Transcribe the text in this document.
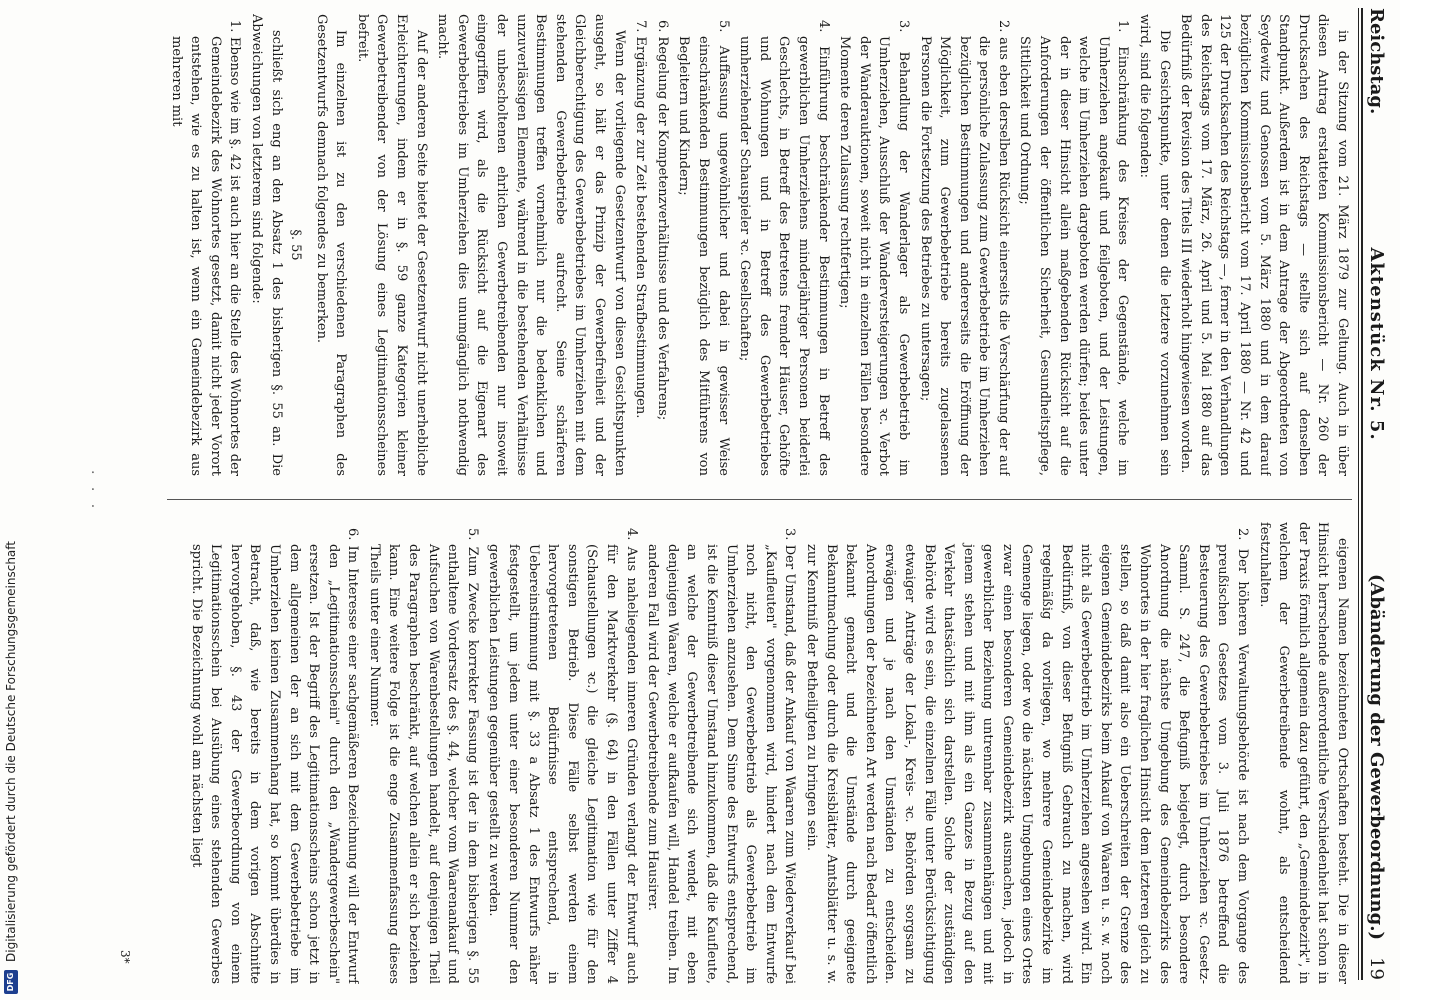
Reichstag.
Aktenstück Nr. 5.
(Abänderung der Gewerbeordnung.)
19

in der Sitzung vom 21. März 1879 zur Geltung. Auch in über diesen Antrag erstatteten Kommissionsbericht — Nr. 260 der Drucksachen des Reichstags — stellte sich auf denselben Standpunkt. Außerdem ist in dem Antrage der Abgeordneten von Seydewitz und Genossen vom 5. März 1880 und in dem darauf bezüglichen Kommissionsbericht vom 17. April 1880 — Nr. 42 und 125 der Drucksachen des Reichstags —, ferner in den Verhandlungen des Reichstags vom 17. März, 26. April und 5. Mai 1880 auf das Bedürfniß der Revision des Titels III wiederholt hingewiesen worden.

Die Gesichtspunkte, unter denen die letztere vorzunehmen sein wird, sind die folgenden:

1. Einschränkung des Kreises der Gegenstände, welche im Umherziehen angekauft und feilgeboten, und der Leistungen, welche im Umherziehen dargeboten werden dürfen; beides unter der in dieser Hinsicht allein maßgebenden Rücksicht auf die Anforderungen der öffentlichen Sicherheit, Gesundheitspflege, Sittlichkeit und Ordnung;
2. aus eben derselben Rücksicht einerseits die Verschärfung der auf die persönliche Zulassung zum Gewerbebetriebe im Umherziehen bezüglichen Bestimmungen und andererseits die Eröffnung der Möglichkeit, zum Gewerbebetriebe bereits zugelassenen Personen die Fortsetzung des Betriebes zu untersagen;
3. Behandlung der Wanderlager als Gewerbebetrieb im Umherziehen, Ausschluß der Wanderversteigerungen ꝛc. Verbot der Wanderauktionen, soweit nicht in einzelnen Fällen besondere Momente deren Zulassung rechtfertigen;
4. Einführung beschränkender Bestimmungen in Betreff des gewerblichen Umherziehens minderjähriger Personen beiderlei Geschlechts, in Betreff des Betretens fremder Häuser, Gehöfte und Wohnungen und in Betreff des Gewerbebetriebes umherziehender Schauspieler ꝛc. Gesellschaften;
5. Auffassung ungewöhnlicher und dabei in gewisser Weise einschränkenden Bestimmungen bezüglich des Mitführens von Begleitern und Kindern;
6. Regelung der Kompetenzverhältnisse und des Verfahrens;
7. Ergänzung der zur Zeit bestehenden Strafbestimmungen.

Wenn der vorliegende Gesetzentwurf von diesen Gesichtspunkten ausgeht, so hält er das Prinzip der Gewerbefreiheit und der Gleichberechtigung des Gewerbebetriebes im Umherziehen mit dem stehenden Gewerbebetriebe aufrecht. Seine schärferen Bestimmungen treffen vornehmlich nur die bedenklichen und unzuverlässigen Elemente, während in die bestehenden Verhältnisse der unbescholtenen ehrlichen Gewerbetreibenden nur insoweit eingegriffen wird, als die Rücksicht auf die Eigenart des Gewerbebetriebes im Umherziehen dies unumgänglich nothwendig macht.

Auf der anderen Seite bietet der Gesetzentwurf nicht unerhebliche Erleichterungen, indem er in §. 59 ganze Kategorien kleiner Gewerbetreibender von der Lösung eines Legitimationsscheines befreit.

Im einzelnen ist zu den verschiedenen Paragraphen des Gesetzentwurfs demnach folgendes zu bemerken.

§. 55

schließt sich eng an den Absatz 1 des bisherigen §. 55 an. Die Abweichungen von letzterem sind folgende:

1. Ebenso wie im §. 42 ist auch hier an die Stelle des Wohnortes der Gemeindebezirk des Wohnortes gesetzt, damit nicht jeder Vorort entstehen, wie es zu halten ist, wenn ein Gemeindebezirk aus mehreren mit

eigenen Namen bezeichneten Ortschaften besteht. Die in dieser Hinsicht herrschende außerordentliche Verschiedenheit hat schon in der Praxis förmlich allgemein dazu geführt, den „Gemeindebezirk", in welchem der Gewerbetreibende wohnt, als entscheidend festzuhalten.

2. Der höheren Verwaltungsbehörde ist nach dem Vorgange des preußischen Gesetzes vom 3. Juli 1876 betreffend die Besteuerung des Gewerbebetriebes im Umherziehen ꝛc. Gesetz-Samml. S. 247, die Befugniß beigelegt, durch besondere Anordnung die nächste Umgebung des Gemeindebezirks des Wohnortes in der hier fraglichen Hinsicht dem letzteren gleich zu stellen, so daß damit also ein Ueberschreiten der Grenze des eigenen Gemeindebezirks beim Ankauf von Waaren u. s. w. noch nicht als Gewerbebetrieb im Umherziehen angesehen wird. Ein Bedürfniß, von dieser Befugniß Gebrauch zu machen, wird regelmäßig da vorliegen, wo mehrere Gemeindebezirke im Gemenge liegen, oder wo die nächsten Umgebungen eines Ortes zwar einen besonderen Gemeindebezirk ausmachen, jedoch in gewerblicher Beziehung untrennbar zusammenhängen und mit jenem stehen und mit ihm als ein Ganzes in Bezug auf den Verkehr thatsächlich sich darstellen. Solche der zuständigen Behörde wird es sein, die einzelnen Fälle unter Berücksichtigung etwaiger Anträge der Lokal-, Kreis- ꝛc. Behörden sorgsam zu erwägen und je nach den Umständen zu entscheiden. Anordnungen der bezeichneten Art werden nach Bedarf öffentlich bekannt gemacht und die Umstände durch geeignete Bekanntmachung oder durch die Kreisblätter, Amtsblätter u. s. w. zur Kenntniß der Betheiligten zu bringen sein.
3. Der Umstand, daß der Ankauf von Waaren zum Wiederverkauf bei „Kaufleuten" vorgenommen wird, hindert nach dem Entwurfe noch nicht, den Gewerbebetrieb als Gewerbebetrieb im Umherziehen anzusehen. Dem Sinne des Entwurfs entsprechend, ist die Kenntniß dieser Umstand hinzukommen, daß die Kaufleute, an welche der Gewerbetreibende sich wendet, mit eben denjenigen Waaren, welche er aufkaufen will, Handel treiben. Im anderen Fall wird der Gewerbetreibende zum Hausirer.
4. Aus naheliegenden inneren Gründen verlangt der Entwurf auch für den Marktverkehr (§. 64) in den Fällen unter Ziffer 4 (Schaustellungen ꝛc.) die gleiche Legitimation wie für den sonstigen Betrieb. Diese Fälle selbst werden einem hervorgetretenen Bedürfnisse entsprechend, in Uebereinstimmung mit §. 33 a Absatz 1 des Entwurfs näher festgestellt, um jedem unter einer besonderen Nummer den gewerblichen Leistungen gegenüber gestellt zu werden.
5. Zum Zwecke korrekter Fassung ist der in dem bisherigen §. 55 enthaltene Vordersatz des §. 44, welcher vom Waarenankauf und Aufsuchen von Warenbestellungen handelt, auf denjenigen Theil des Paragraphen beschränkt, auf welchen allein er sich beziehen kann. Eine weitere Folge ist die enge Zusammenfassung dieses Theils unter einer Nummer.
6. Im Interesse einer sachgemäßeren Bezeichnung will der Entwurf den „Legitimationsschein" durch den „Wandergewerbeschein" ersetzen. Ist der Begriff des Legitimationsscheins schon jetzt in dem allgemeinen der an sich mit dem Gewerbebetriebe im Umherziehen keinen Zusammenhang hat, so kommt überdies in Betracht, daß, wie bereits in dem vorigen Abschnitte hervorgehoben, §. 43 der Gewerbeordnung von einem Legitimationsschein bei Ausübung eines stehenden Gewerbes spricht. Die Bezeichnung wohl am nächsten liegt
3*
· · ·
DFG
Digitalisierung gefördert durch die Deutsche Forschungsgemeinschaft
